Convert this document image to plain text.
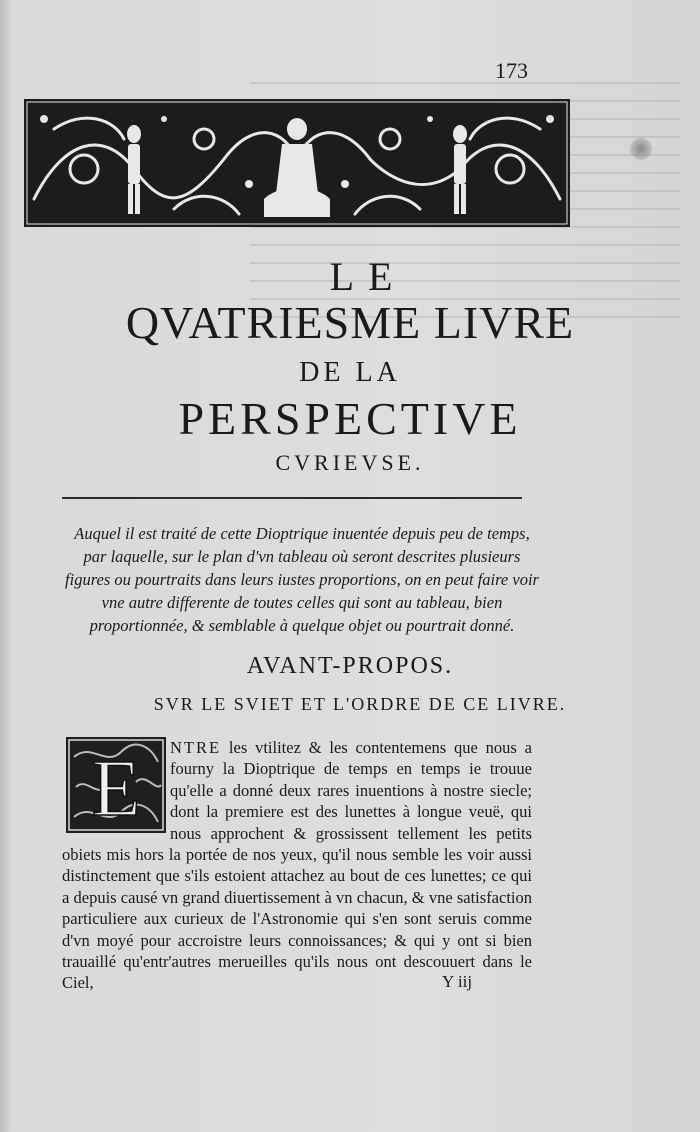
173
LE
QVATRIESME LIVRE
DE LA
PERSPECTIVE
CVRIEVSE.
Auquel il est traité de cette Dioptrique inuentée depuis peu de temps, par laquelle, sur le plan d'vn tableau où seront descrites plusieurs figures ou pourtraits dans leurs iustes proportions, on en peut faire voir vne autre differente de toutes celles qui sont au tableau, bien proportionnée, & semblable à quelque objet ou pourtrait donné.
AVANT-PROPOS.
SVR LE SVIET ET L'ORDRE DE CE LIVRE.
NTRE les vtilitez & les contentemens que nous a fourny la Dioptrique de temps en temps ie trouue qu'elle a donné deux rares inuentions à nostre siecle; dont la premiere est des lunettes à longue veuë, qui nous approchent & grossissent tellement les petits obiets mis hors la portée de nos yeux, qu'il nous semble les voir aussi distinctement que s'ils estoient attachez au bout de ces lunettes; ce qui a depuis causé vn grand diuertissement à vn chacun, & vne satisfaction particuliere aux curieux de l'Astronomie qui s'en sont seruis comme d'vn moyé pour accroistre leurs connoissances; & qui y ont si bien trauaillé qu'entr'autres merueilles qu'ils nous ont descouuert dans le Ciel,
E
Y iij
